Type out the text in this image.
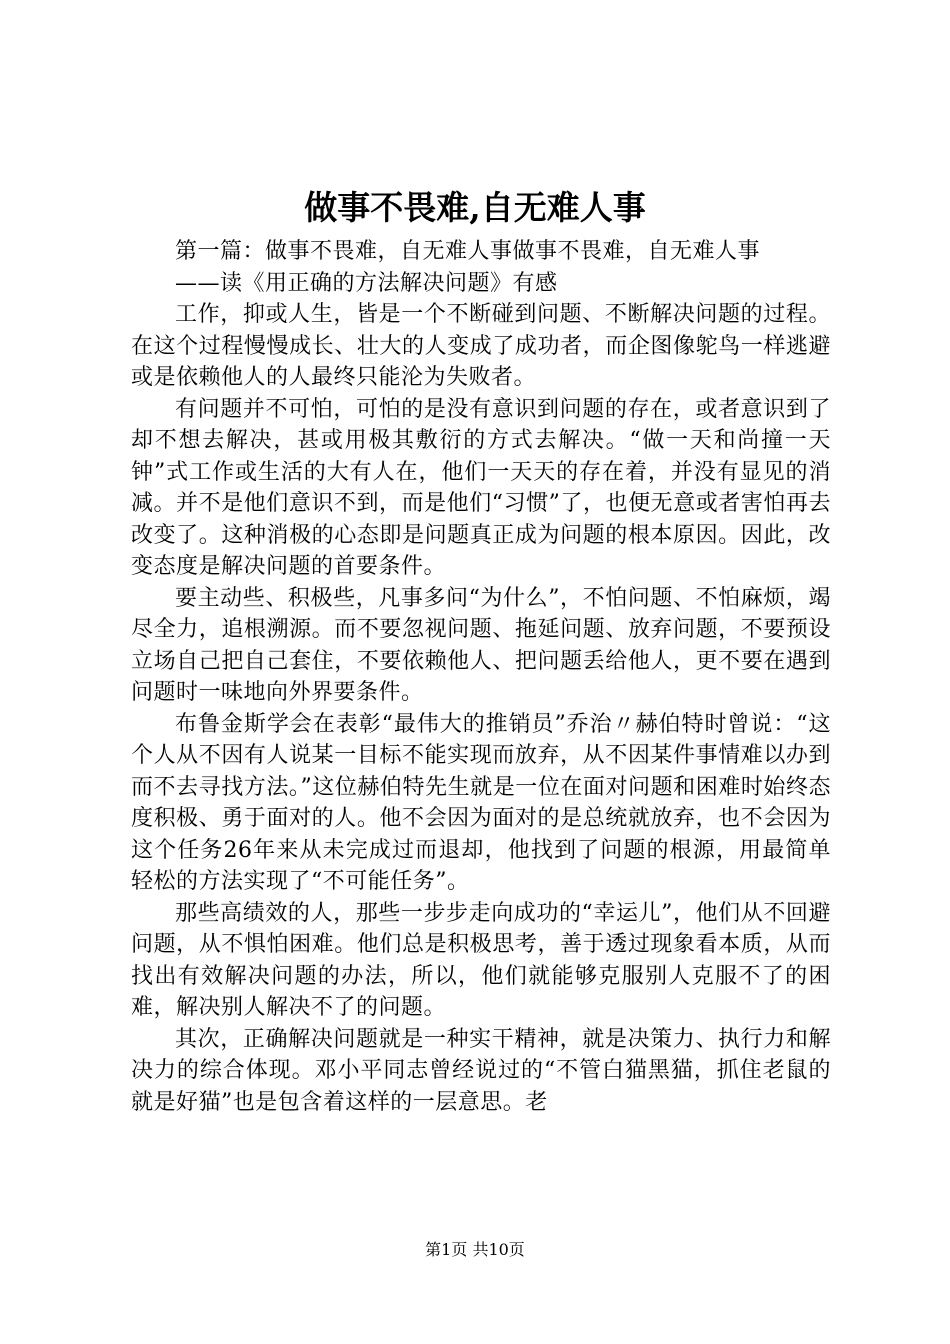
做事不畏难,自无难人事

第一篇：做事不畏难，自无难人事做事不畏难，自无难人事

——读《用正确的方法解决问题》有感

工作，抑或人生，皆是一个不断碰到问题、不断解决问题的过程。在这个过程慢慢成长、壮大的人变成了成功者，而企图像鸵鸟一样逃避或是依赖他人的人最终只能沦为失败者。

有问题并不可怕，可怕的是没有意识到问题的存在，或者意识到了却不想去解决，甚或用极其敷衍的方式去解决。“做一天和尚撞一天钟”式工作或生活的大有人在，他们一天天的存在着，并没有显见的消减。并不是他们意识不到，而是他们“习惯”了，也便无意或者害怕再去改变了。这种消极的心态即是问题真正成为问题的根本原因。因此，改变态度是解决问题的首要条件。

要主动些、积极些，凡事多问“为什么”，不怕问题、不怕麻烦，竭尽全力，追根溯源。而不要忽视问题、拖延问题、放弃问题，不要预设立场自己把自己套住，不要依赖他人、把问题丢给他人，更不要在遇到问题时一味地向外界要条件。

布鲁金斯学会在表彰“最伟大的推销员”乔治〃赫伯特时曾说：“这个人从不因有人说某一目标不能实现而放弃，从不因某件事情难以办到而不去寻找方法。”这位赫伯特先生就是一位在面对问题和困难时始终态度积极、勇于面对的人。他不会因为面对的是总统就放弃，也不会因为这个任务26年来从未完成过而退却，他找到了问题的根源，用最简单轻松的方法实现了“不可能任务”。

那些高绩效的人，那些一步步走向成功的“幸运儿”，他们从不回避问题，从不惧怕困难。他们总是积极思考，善于透过现象看本质，从而找出有效解决问题的办法，所以，他们就能够克服别人克服不了的困难，解决别人解决不了的问题。

其次，正确解决问题就是一种实干精神，就是决策力、执行力和解决力的综合体现。邓小平同志曾经说过的“不管白猫黑猫，抓住老鼠的就是好猫”也是包含着这样的一层意思。老

第1页 共10页
